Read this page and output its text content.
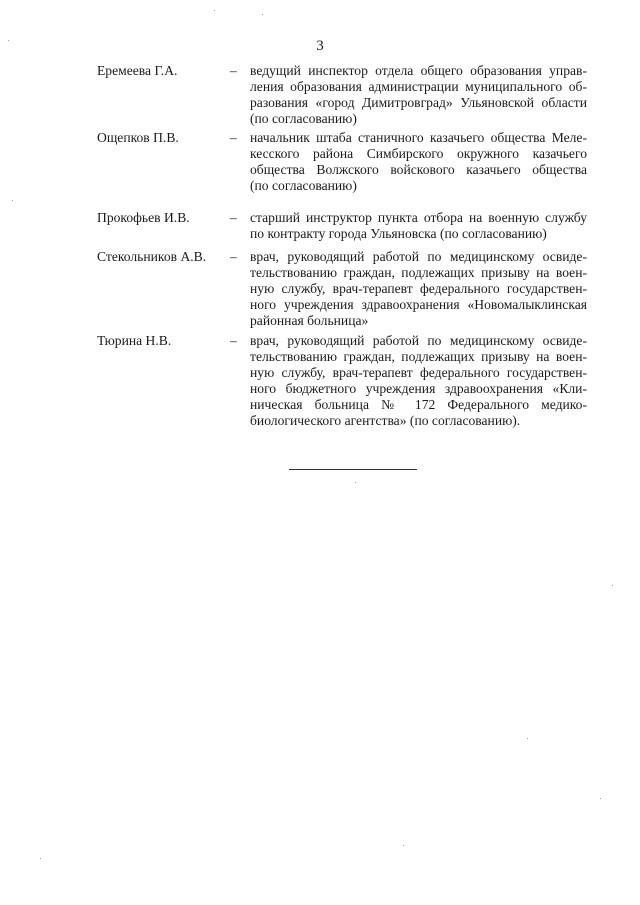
3
Еремеева Г.А.	– ведущий инспектор отдела общего образования управ-
ления образования администрации муниципального об-
разования «город Димитровград» Ульяновской области
(по согласованию)
Ощепков П.В.	– начальник штаба станичного казачьего общества Меле-
кесского района Симбирского окружного казачьего
общества Волжского войскового казачьего общества
(по согласованию)
Прокофьев И.В.	– старший инструктор пункта отбора на военную службу
по контракту города Ульяновска (по согласованию)
Стекольников А.В. – врач, руководящий работой по медицинскому освиде-
тельствованию граждан, подлежащих призыву на воен-
ную службу, врач-терапевт федерального государствен-
ного учреждения здравоохранения «Новомалыклинская
районная больница»
Тюрина Н.В.	– врач, руководящий работой по медицинскому освиде-
тельствованию граждан, подлежащих призыву на воен-
ную службу, врач-терапевт федерального государствен-
ного бюджетного учреждения здравоохранения «Кли-
ническая больница № 172 Федерального медико-
биологического агентства» (по согласованию).
